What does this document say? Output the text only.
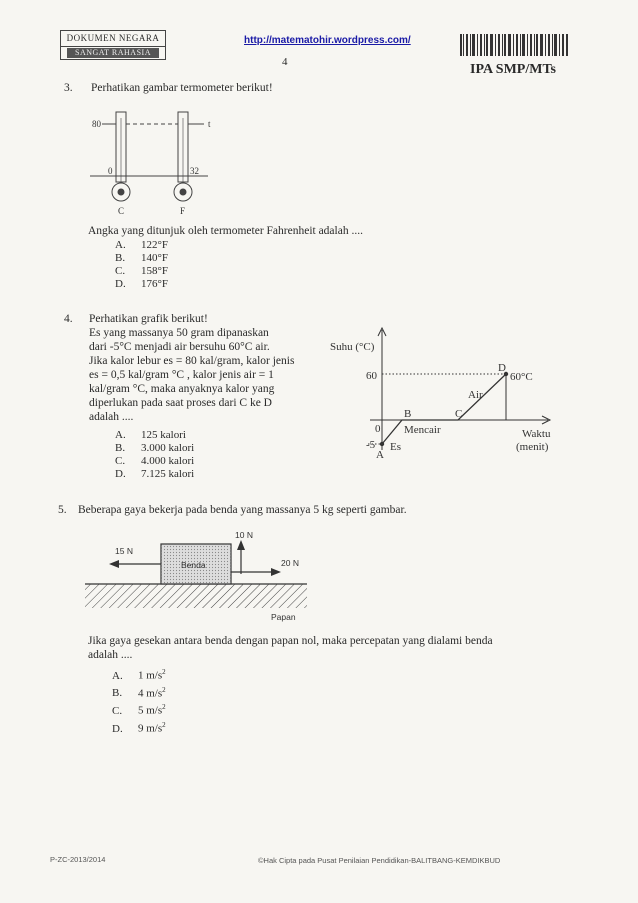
DOKUMEN NEGARA
SANGAT RAHASIA
http://matematohir.wordpress.com/
4	IPA SMP/MTs
3. Perhatikan gambar termometer berikut!
80	t
0	32
C	F
Angka yang ditunjuk oleh termometer Fahrenheit adalah ....
A. 122°F
B. 140°F
C. 158°F
D. 176°F
4. Perhatikan grafik berikut!
Es yang massanya 50 gram dipanaskan
dari -5°C menjadi air bersuhu 60°C air.
Jika kalor lebur es = 80 kal/gram, kalor jenis
es = 0,5 kal/gram °C , kalor jenis air = 1
kal/gram °C, maka anyaknya kalor yang
diperlukan pada saat proses dari C ke D
adalah ....
A. 125 kalori
B. 3.000 kalori
C. 4.000 kalori
D. 7.125 kalori
Suhu (°C)
60
0
-5
A
B	C
D
60°C
Air
Mencair
Es
Waktu
(menit)
5. Beberapa gaya bekerja pada benda yang massanya 5 kg seperti gambar.
15 N
10 N
20 N
Benda
Papan
Jika gaya gesekan antara benda dengan papan nol, maka percepatan yang dialami benda
adalah ....
A. 1 $m/s^2$
B. 4 $m/s^2$
C. 5 $m/s^2$
D. 9 $m/s^2$
P-ZC-2013/2014	©Hak Cipta pada Pusat Penilaian Pendidikan-BALITBANG-KEMDIKBUD
